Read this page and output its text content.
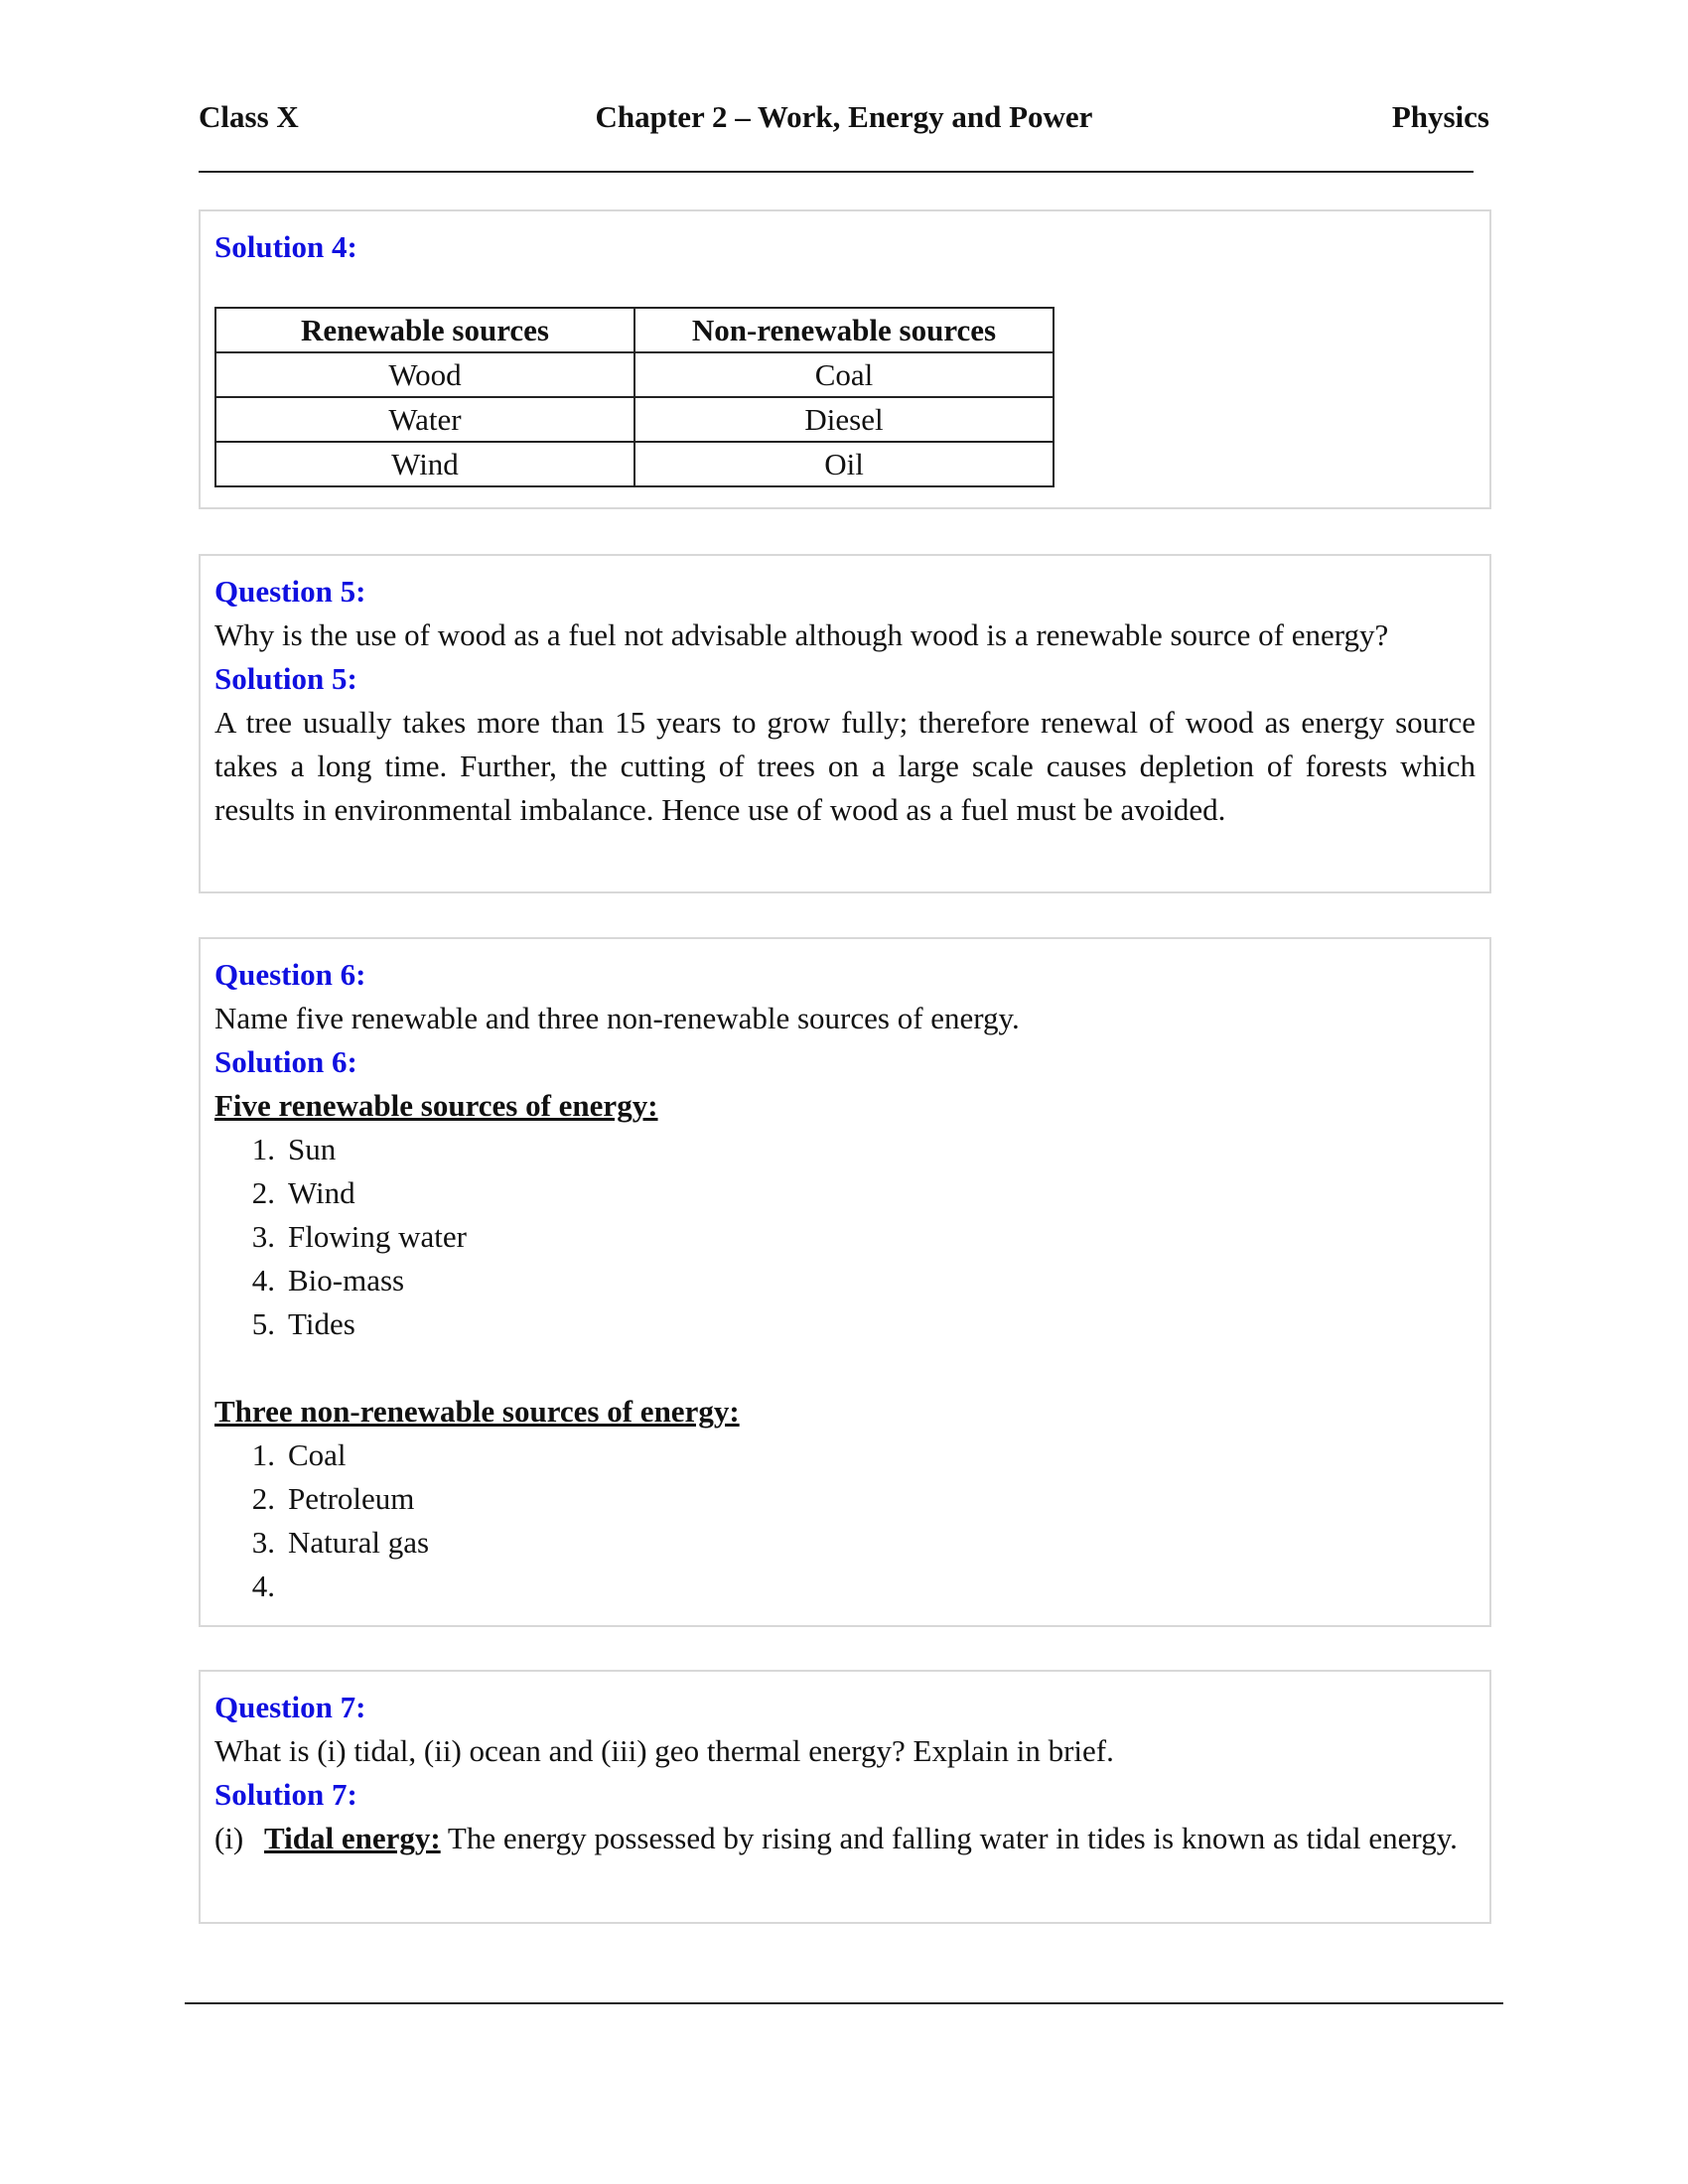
Class X	Chapter 2 – Work, Energy and Power	Physics
Solution 4:
Renewable sources	Non-renewable sources
Wood	Coal
Water	Diesel
Wind	Oil
Question 5:
Why is the use of wood as a fuel not advisable although wood is a renewable source of energy?
Solution 5:
A tree usually takes more than 15 years to grow fully; therefore renewal of wood as energy source takes a long time. Further, the cutting of trees on a large scale causes depletion of forests which results in environmental imbalance. Hence use of wood as a fuel must be avoided.
Question 6:
Name five renewable and three non-renewable sources of energy.
Solution 6:
Five renewable sources of energy:
1. Sun
2. Wind
3. Flowing water
4. Bio-mass
5. Tides
Three non-renewable sources of energy:
1. Coal
2. Petroleum
3. Natural gas
4.
Question 7:
What is (i) tidal, (ii) ocean and (iii) geo thermal energy? Explain in brief.
Solution 7:
(i) Tidal energy: The energy possessed by rising and falling water in tides is known as tidal energy.
